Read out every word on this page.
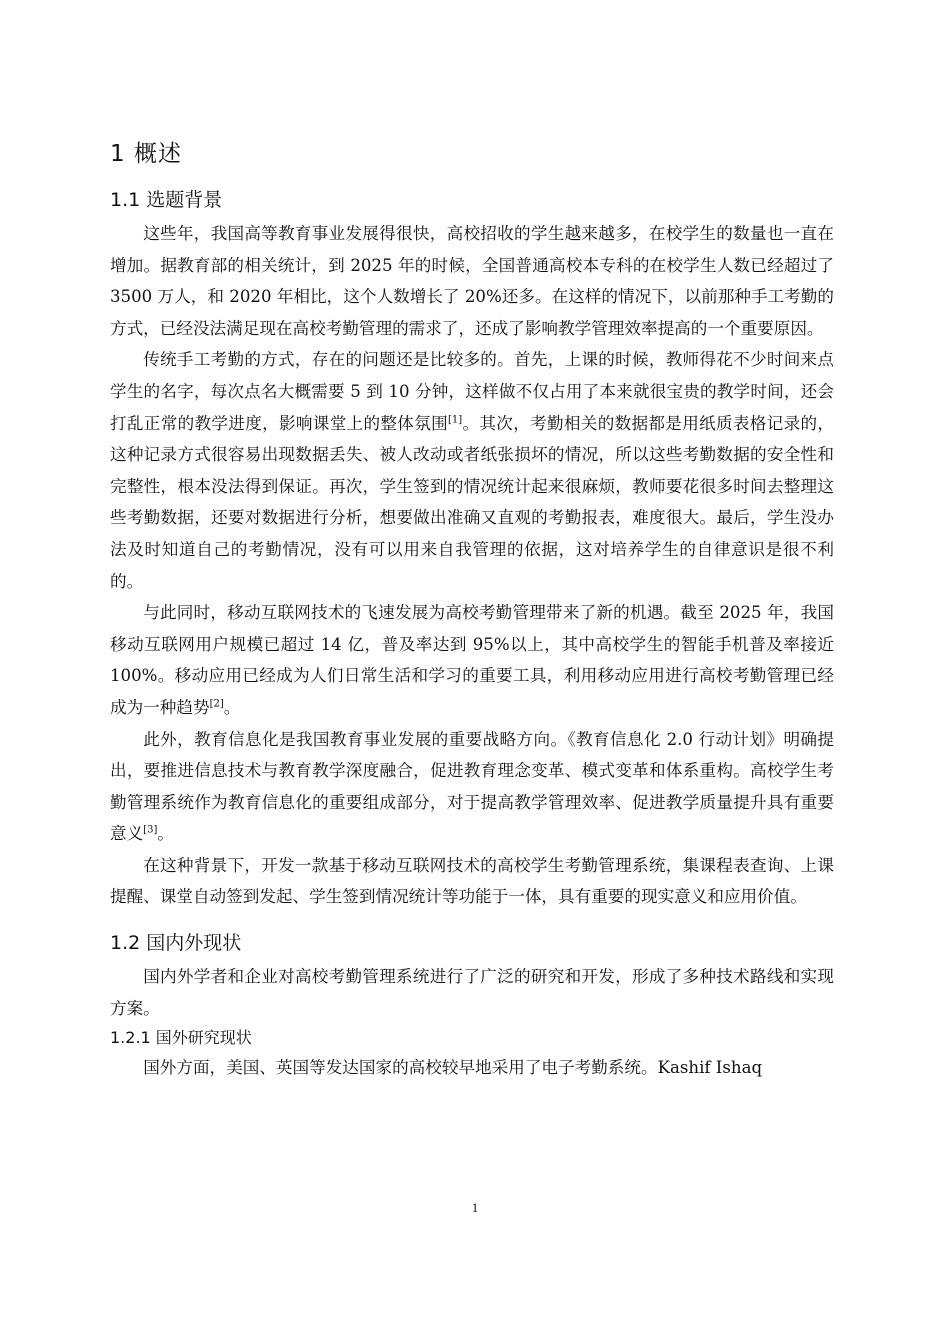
1 概述
1.1 选题背景

这些年，我国高等教育事业发展得很快，高校招收的学生越来越多，在校学生的数量也一直在增加。据教育部的相关统计，到 2025 年的时候，全国普通高校本专科的在校学生人数已经超过了 3500 万人，和 2020 年相比，这个人数增长了 20%还多。在这样的情况下，以前那种手工考勤的方式，已经没法满足现在高校考勤管理的需求了，还成了影响教学管理效率提高的一个重要原因。

传统手工考勤的方式，存在的问题还是比较多的。首先，上课的时候，教师得花不少时间来点学生的名字，每次点名大概需要 5 到 10 分钟，这样做不仅占用了本来就很宝贵的教学时间，还会打乱正常的教学进度，影响课堂上的整体氛围[1]。其次，考勤相关的数据都是用纸质表格记录的，这种记录方式很容易出现数据丢失、被人改动或者纸张损坏的情况，所以这些考勤数据的安全性和完整性，根本没法得到保证。再次，学生签到的情况统计起来很麻烦，教师要花很多时间去整理这些考勤数据，还要对数据进行分析，想要做出准确又直观的考勤报表，难度很大。最后，学生没办法及时知道自己的考勤情况，没有可以用来自我管理的依据，这对培养学生的自律意识是很不利的。

与此同时，移动互联网技术的飞速发展为高校考勤管理带来了新的机遇。截至 2025 年，我国移动互联网用户规模已超过 14 亿，普及率达到 95%以上，其中高校学生的智能手机普及率接近 100%。移动应用已经成为人们日常生活和学习的重要工具，利用移动应用进行高校考勤管理已经成为一种趋势[2]。

此外，教育信息化是我国教育事业发展的重要战略方向。《教育信息化 2.0 行动计划》明确提出，要推进信息技术与教育教学深度融合，促进教育理念变革、模式变革和体系重构。高校学生考勤管理系统作为教育信息化的重要组成部分，对于提高教学管理效率、促进教学质量提升具有重要意义[3]。

在这种背景下，开发一款基于移动互联网技术的高校学生考勤管理系统，集课程表查询、上课提醒、课堂自动签到发起、学生签到情况统计等功能于一体，具有重要的现实意义和应用价值。

1.2 国内外现状

国内外学者和企业对高校考勤管理系统进行了广泛的研究和开发，形成了多种技术路线和实现方案。

1.2.1 国外研究现状

国外方面，美国、英国等发达国家的高校较早地采用了电子考勤系统。Kashif Ishaq

1
